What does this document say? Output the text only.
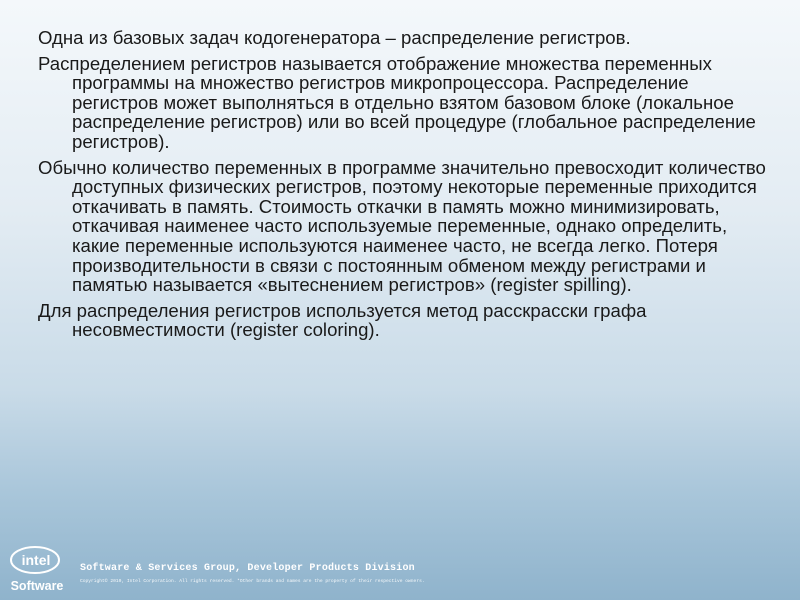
Одна из базовых задач кодогенератора – распределение регистров.

Распределением регистров называется отображение множества переменных программы на множество регистров микропроцессора. Распределение регистров может выполняться в отдельно взятом базовом блоке (локальное распределение регистров) или во всей процедуре (глобальное распределение регистров).

Обычно количество переменных в программе значительно превосходит количество доступных физических регистров, поэтому некоторые переменные приходится откачивать в память. Стоимость откачки в память можно минимизировать, откачивая наименее часто используемые переменные, однако определить, какие переменные используются наименее часто, не всегда легко. Потеря производительности в связи с постоянным обменом между регистрами и памятью называется «вытеснением регистров» (register spilling).

Для распределения регистров используется метод расскрасски графа несовместимости (register coloring).

intel
Software
Software & Services Group, Developer Products Division
Copyright© 2010, Intel Corporation. All rights reserved. *Other brands and names are the property of their respective owners.
